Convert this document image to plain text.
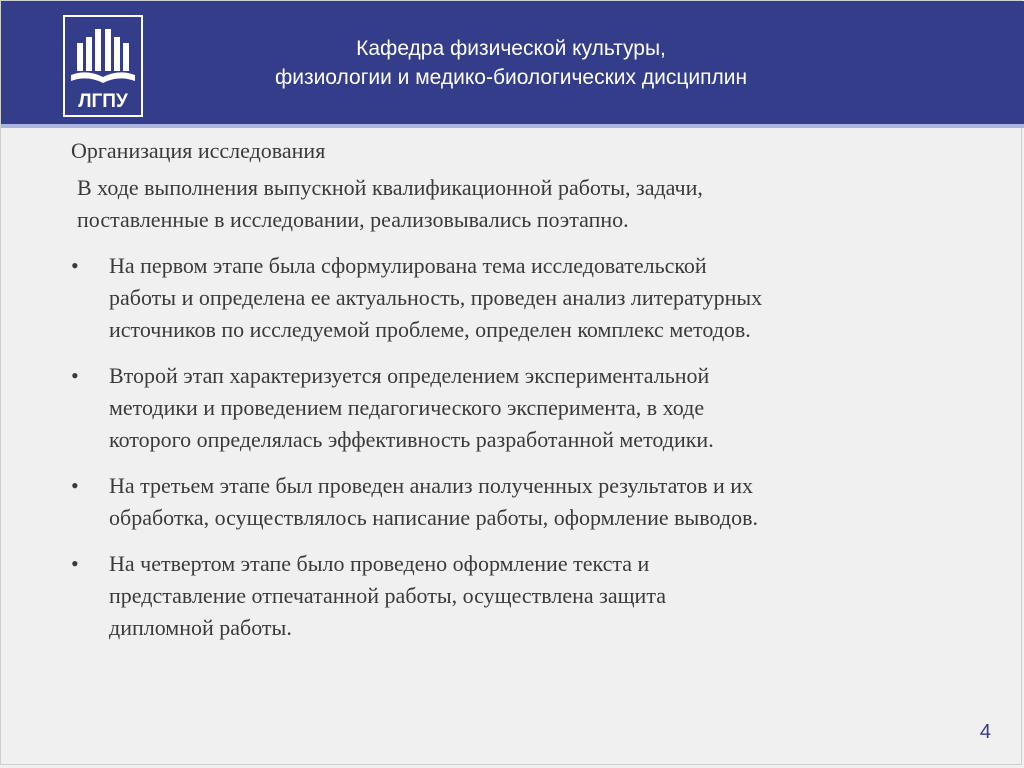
ЛГПУ
Кафедра физической культуры,
физиологии и медико-биологических дисциплин
Организация исследования

В ходе выполнения выпускной квалификационной работы, задачи,
поставленные в исследовании, реализовывались поэтапно.

•	На первом этапе была сформулирована тема исследовательской
работы и определена ее актуальность, проведен анализ литературных
источников по исследуемой проблеме, определен комплекс методов.
•	Второй этап характеризуется определением экспериментальной
методики и проведением педагогического эксперимента, в ходе
которого определялась эффективность разработанной методики.
•	На третьем этапе был проведен анализ полученных результатов и их
обработка, осуществлялось написание работы, оформление выводов.
•	На четвертом этапе было проведено оформление текста и
представление отпечатанной работы, осуществлена защита
дипломной работы.
4
